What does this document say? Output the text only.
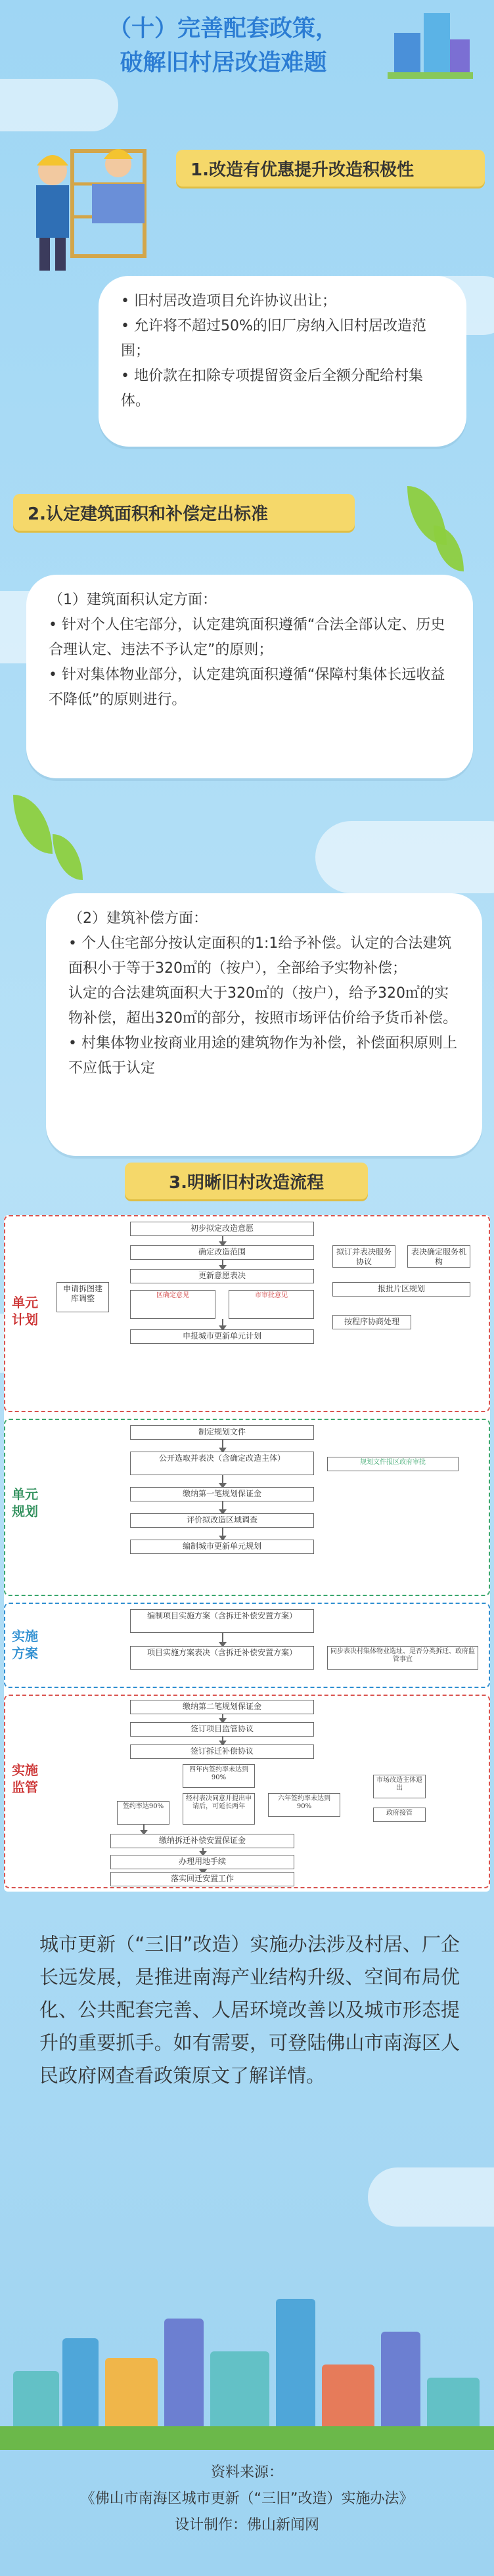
（十）完善配套政策，
破解旧村居改造难题
1.改造有优惠提升改造积极性

• 旧村居改造项目允许协议出让；

• 允许将不超过50%的旧厂房纳入旧村居改造范围；

• 地价款在扣除专项提留资金后全额分配给村集体。

2.认定建筑面积和补偿定出标准

（1）建筑面积认定方面：

• 针对个人住宅部分，认定建筑面积遵循“合法全部认定、历史合理认定、违法不予认定”的原则；

• 针对集体物业部分，认定建筑面积遵循“保障村集体长远收益不降低”的原则进行。

（2）建筑补偿方面：

• 个人住宅部分按认定面积的1:1给予补偿。认定的合法建筑面积小于等于320㎡的（按户），全部给予实物补偿；

认定的合法建筑面积大于320㎡的（按户），给予320㎡的实物补偿，超出320㎡的部分，按照市场评估价给予货币补偿。

• 村集体物业按商业用途的建筑物作为补偿，补偿面积原则上不应低于认定

3.明晰旧村改造流程
单元
计划
初步拟定改造意愿
确定改造范围
更新意愿表决
申请拆图建库调整
拟订并表决服务协议
表决确定服务机构
区确定意见	市审批意见
申报城市更新单元计划
按程序协商处理
报批片区规划
单元
规划
制定规划文件
公开选取并表决（含确定改造主体）	规划文件报区政府审批
缴纳第一笔规划保证金
评价拟改造区域调查
编制城市更新单元规划
实施
方案
编制项目实施方案（含拆迁补偿安置方案）
项目实施方案表决（含拆迁补偿安置方案）	同步表决村集体物业选址、是否分类拆迁、政府监管事宜
实施
监管
缴纳第二笔规划保证金
签订项目监管协议
签订拆迁补偿协议
四年内签约率未达到90%
经村表决同意并提出申请后，可延长两年
六年签约率未达到90%
签约率达90%
市场改造主体退出
政府接管
缴纳拆迁补偿安置保证金
办理用地手续
落实回迁安置工作
城市更新（“三旧”改造）实施办法涉及村居、厂企长远发展，是推进南海产业结构升级、空间布局优化、公共配套完善、人居环境改善以及城市形态提升的重要抓手。如有需要，可登陆佛山市南海区人民政府网查看政策原文了解详情。
资料来源：
《佛山市南海区城市更新（“三旧”改造）实施办法》
设计制作：佛山新闻网
